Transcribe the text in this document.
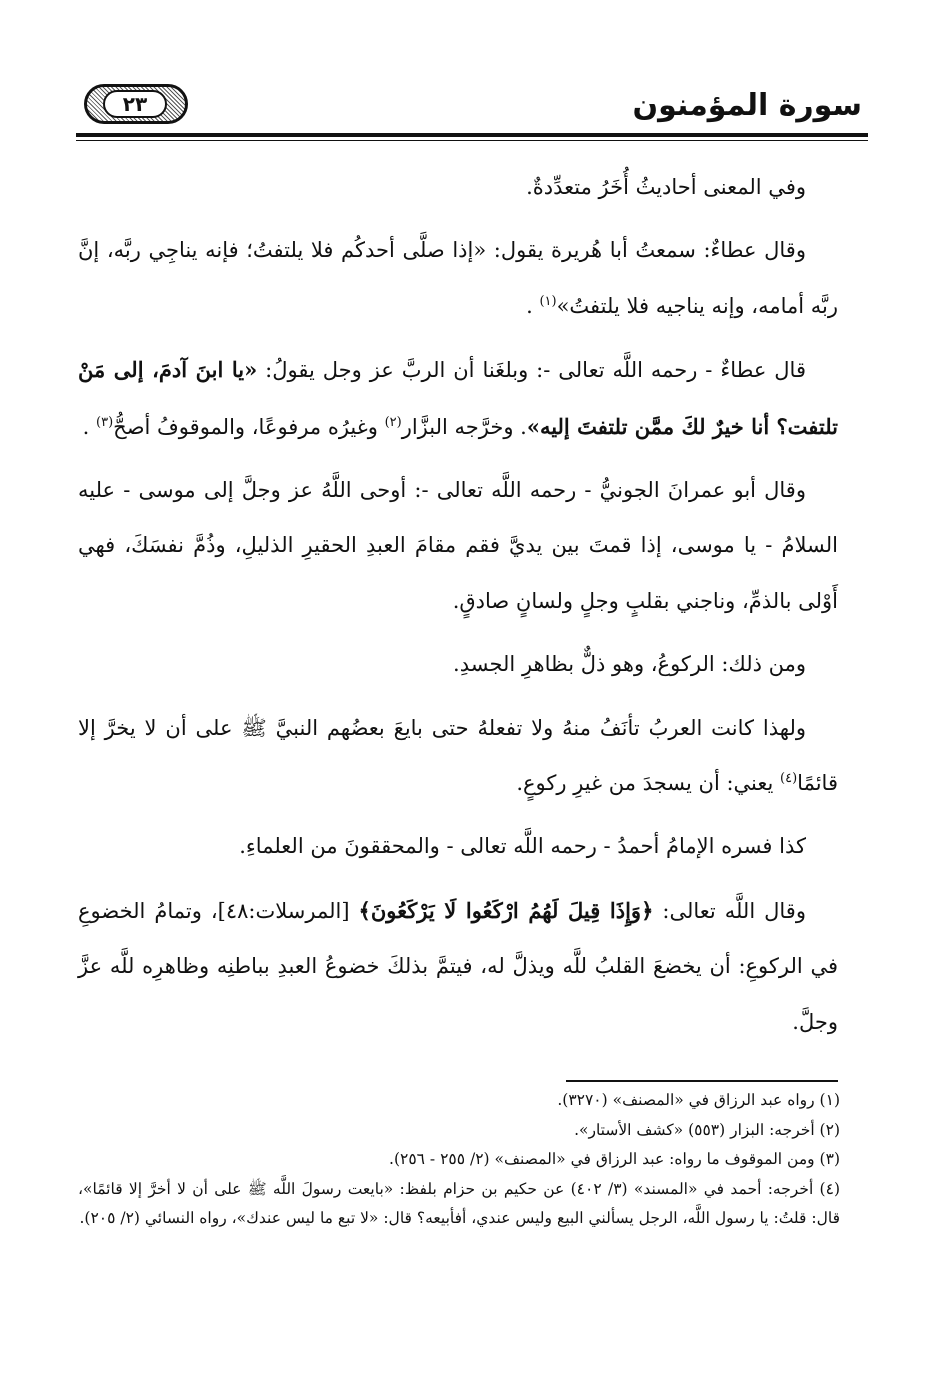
٢٣	سورة المؤمنون

وفي المعنى أحاديثُ أُخَرُ متعدِّدةٌ.

وقال عطاءٌ: سمعتُ أبا هُريرة يقول: «إذا صلَّى أحدكُم فلا يلتفتُ؛ فإنه يناجِي ربَّه، إنَّ ربَّه أمامه، وإنه يناجيه فلا يلتفتُ»$^{(١)}$ .

قال عطاءٌ - رحمه اللَّه تعالى -: وبلغَنا أن الربَّ عز وجل يقولُ: «يا ابنَ آدمَ، إلى مَنْ تلتفت؟ أنا خيرٌ لكَ ممَّن تلتفتَ إليه». وخرَّجه البزَّار$^{(٢)}$ وغيرُه مرفوعًا، والموقوفُ أصحُّ$^{(٣)}$ .

وقال أبو عمرانَ الجونيُّ - رحمه اللَّه تعالى -: أوحى اللَّهُ عز وجلَّ إلى موسى - عليه السلامُ - يا موسى، إذا قمتَ بين يديَّ فقم مقامَ العبدِ الحقيرِ الذليلِ، وذُمَّ نفسَكَ، فهي أَوْلى بالذمِّ، وناجني بقلبٍ وجلٍ ولسانٍ صادقٍ.

ومن ذلك: الركوعُ، وهو ذلٌّ بظاهرِ الجسدِ.

ولهذا كانت العربُ تأنَفُ منهُ ولا تفعلهُ حتى بايعَ بعضُهم النبيَّ ﷺ على أن لا يخرَّ إلا قائمًا$^{(٤)}$ يعني: أن يسجدَ من غيرِ ركوعٍ.

كذا فسره الإمامُ أحمدُ - رحمه اللَّه تعالى - والمحققونَ من العلماءِ.

وقال اللَّه تعالى: ﴿وَإِذَا قِيلَ لَهُمُ ارْكَعُوا لَا يَرْكَعُونَ﴾ [المرسلات:٤٨]، وتمامُ الخضوعِ في الركوعِ: أن يخضعَ القلبُ للَّه ويذلَّ له، فيتمَّ بذلكَ خضوعُ العبدِ بباطنِه وظاهرِه للَّه عزَّ وجلَّ.

(١) رواه عبد الرزاق في «المصنف» (٣٢٧٠).

(٢) أخرجه: البزار (٥٥٣) «كشف الأستار».

(٣) ومن الموقوف ما رواه: عبد الرزاق في «المصنف» (٢/ ٢٥٥ - ٢٥٦).

(٤) أخرجه: أحمد في «المسند» (٣/ ٤٠٢) عن حكيم بن حزام بلفظ: «بايعت رسولَ اللَّه ﷺ على أن لا أخرَّ إلا قائمًا»، قال: قلتُ: يا رسول اللَّه، الرجل يسألني البيع وليس عندي، أفأبيعه؟ قال: «لا تبع ما ليس عندك»، رواه النسائي (٢/ ٢٠٥).
